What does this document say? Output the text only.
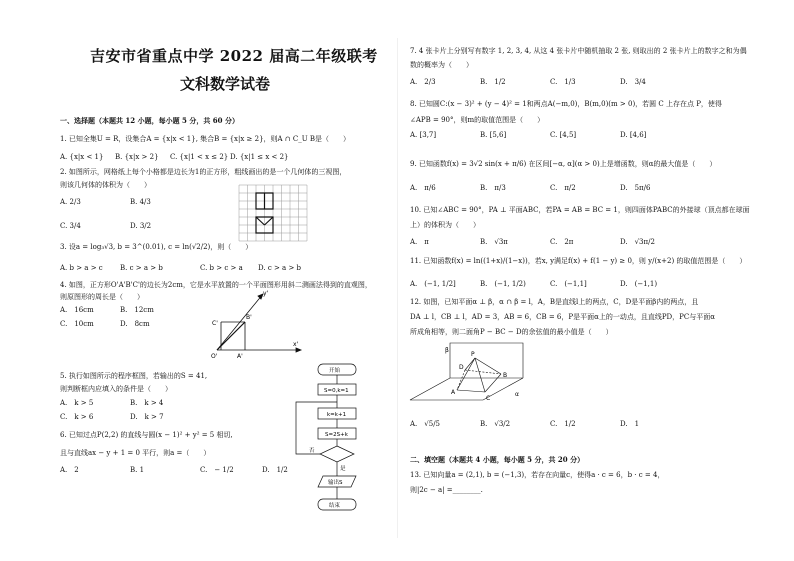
吉安市省重点中学 2022 届高二年级联考
文科数学试卷
一、选择题（本题共 12 小题，每小题 5 分，共 60 分）
1. 已知全集U = R，设集合A = {x|x < 1}, 集合B = {x|x ≥ 2}，则A ∩ C_U B是（　　）
A. {x|x < 1} B. {x|x > 2} C. {x|1 < x ≤ 2} D. {x|1 ≤ x < 2}
2. 如图所示，网格纸上每个小格都是边长为1的正方形，粗线画出的是一个几何体的三视图，
则该几何体的体积为（　　）
A. 2/3	B. 4/3
C. 3/4	D. 3/2
3. 设a = log₃√3, b = 3^(0.01), c = ln(√2/2)，则（　　）
A. b > a > c B. c > a > b	C. b > c > a D. c > a > b
4. 如图，正方形O'A'B'C'的边长为2cm，它是水平放置的一个平面图形用斜二测画法得到的直观图，
则原图形的周长是（　　）
A.　16cm	B.　12cm
C.　10cm	D.　8cm
y'
C'
B'
O'	A'
x'
5. 执行如图所示的程序框图，若输出的S = 41,
则判断框内应填入的条件是（　　）
A.　k > 5	B.　k > 4
C.　k > 6	D.　k > 7
开始
S=0,k=1
k=k+1
S=2S+k
否
是
输出S
结束
6. 已知过点P(2,2) 的直线与圆(x − 1)² + y² = 5 相切,
且与直线ax − y + 1 = 0 平行，则a =（　　）
A.　2	B. 1	C.　− 1/2	D.　1/2
7. 4 张卡片上分别写有数字 1, 2, 3, 4, 从这 4 张卡片中随机抽取 2 张, 则取出的 2 张卡片上的数字之和为偶
数的概率为（　　）
A.　2/3	B.　1/2	C.　1/3	D.　3/4
8. 已知圆C:(x − 3)² + (y − 4)² = 1和两点A(−m,0)，B(m,0)(m > 0)，若圆 C 上存在点 P，使得
∠APB = 90°，则m的取值范围是（　　）
A. [3,7]	B. [5,6]	C. [4,5]	D. [4,6]
9. 已知函数f(x) = 3√2 sin(x + π/6) 在区间[−α, α](α > 0)上是增函数，则α的最大值是（　　）
A.　π/6	B.　π/3	C.　π/2	D.　5π/6
10. 已知∠ABC = 90°，PA ⊥ 平面ABC，若PA = AB = BC = 1，则四面体PABC的外接球（顶点都在球面
上）的体积为（　　）
A.　π	B.　√3π	C.　2π	D.　√3π/2
11. 已知函数f(x) = ln((1+x)/(1−x))，若x, y满足f(x) + f(1 − y) ≥ 0，则 y/(x+2) 的取值范围是（　　）
A.　(−1, 1/2]	B.　(−1, 1/2)	C.　(−1,1]	D.　(−1,1)
12. 如图，已知平面α ⊥ β，α ∩ β = l，A，B是直线l上的两点，C，D是平面β内的两点，且
DA ⊥ l，CB ⊥ l，AD = 3，AB = 6，CB = 6，P是平面α上的一动点，且直线PD，PC与平面α
所成角相等，则二面角P − BC − D的余弦值的最小值是（　　）
β
α
P
D
A
B
C
A.　√5/5	B.　√3/2	C.　1/2	D.　1
二、填空题（本题共 4 小题，每小题 5 分，共 20 分）
13. 已知向量a = (2,1), b = (−1,3)，若存在向量c，使得a · c = 6，b · c = 4，
则|2c − a| =________.
